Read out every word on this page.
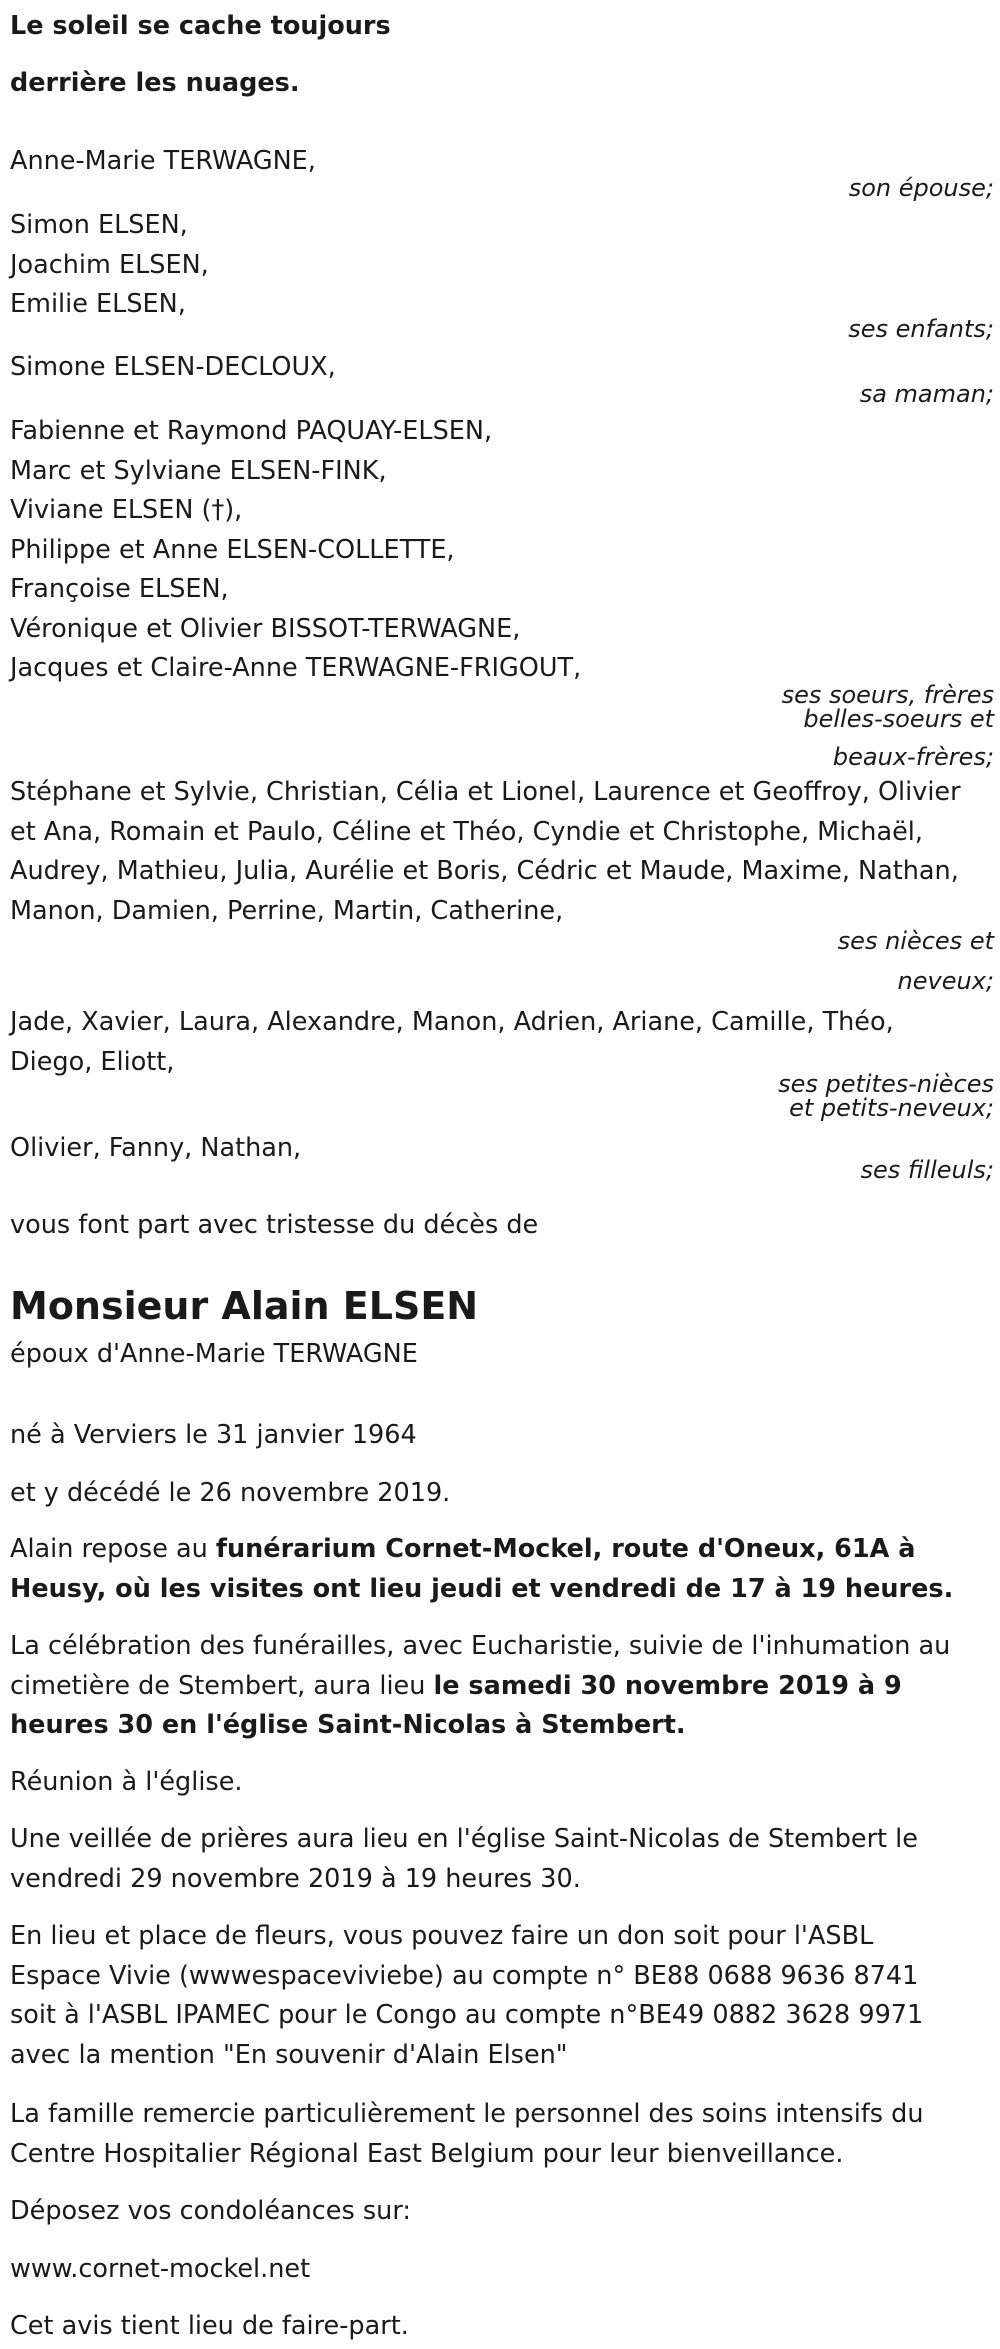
Le soleil se cache toujours
derrière les nuages.
Anne-Marie TERWAGNE,
son épouse;
Simon ELSEN,
Joachim ELSEN,
Emilie ELSEN,
ses enfants;
Simone ELSEN-DECLOUX,
sa maman;
Fabienne et Raymond PAQUAY-ELSEN,
Marc et Sylviane ELSEN-FINK,
Viviane ELSEN (†),
Philippe et Anne ELSEN-COLLETTE,
Françoise ELSEN,
Véronique et Olivier BISSOT-TERWAGNE,
Jacques et Claire-Anne TERWAGNE-FRIGOUT,
ses soeurs, frères
belles-soeurs et
beaux-frères;
Stéphane et Sylvie, Christian, Célia et Lionel, Laurence et Geoffroy, Olivier
et Ana, Romain et Paulo, Céline et Théo, Cyndie et Christophe, Michaël,
Audrey, Mathieu, Julia, Aurélie et Boris, Cédric et Maude, Maxime, Nathan,
Manon, Damien, Perrine, Martin, Catherine,
ses nièces et
neveux;
Jade, Xavier, Laura, Alexandre, Manon, Adrien, Ariane, Camille, Théo,
Diego, Eliott,
ses petites-nièces
et petits-neveux;
Olivier, Fanny, Nathan,
ses filleuls;
vous font part avec tristesse du décès de
Monsieur Alain ELSEN
époux d'Anne-Marie TERWAGNE
né à Verviers le 31 janvier 1964
et y décédé le 26 novembre 2019.

Alain repose au funérarium Cornet-Mockel, route d'Oneux, 61A à Heusy, où les visites ont lieu jeudi et vendredi de 17 à 19 heures.

La célébration des funérailles, avec Eucharistie, suivie de l'inhumation au cimetière de Stembert, aura lieu le samedi 30 novembre 2019 à 9 heures 30 en l'église Saint-Nicolas à Stembert.

Réunion à l'église.

Une veillée de prières aura lieu en l'église Saint-Nicolas de Stembert le vendredi 29 novembre 2019 à 19 heures 30.

En lieu et place de fleurs, vous pouvez faire un don soit pour l'ASBL
Espace Vivie (wwwespaceviviebe) au compte n° BE88 0688 9636 8741
soit à l'ASBL IPAMEC pour le Congo au compte n°BE49 0882 3628 9971
avec la mention "En souvenir d'Alain Elsen"

La famille remercie particulièrement le personnel des soins intensifs du Centre Hospitalier Régional East Belgium pour leur bienveillance.

Déposez vos condoléances sur:
www.cornet-mockel.net
Cet avis tient lieu de faire-part.
